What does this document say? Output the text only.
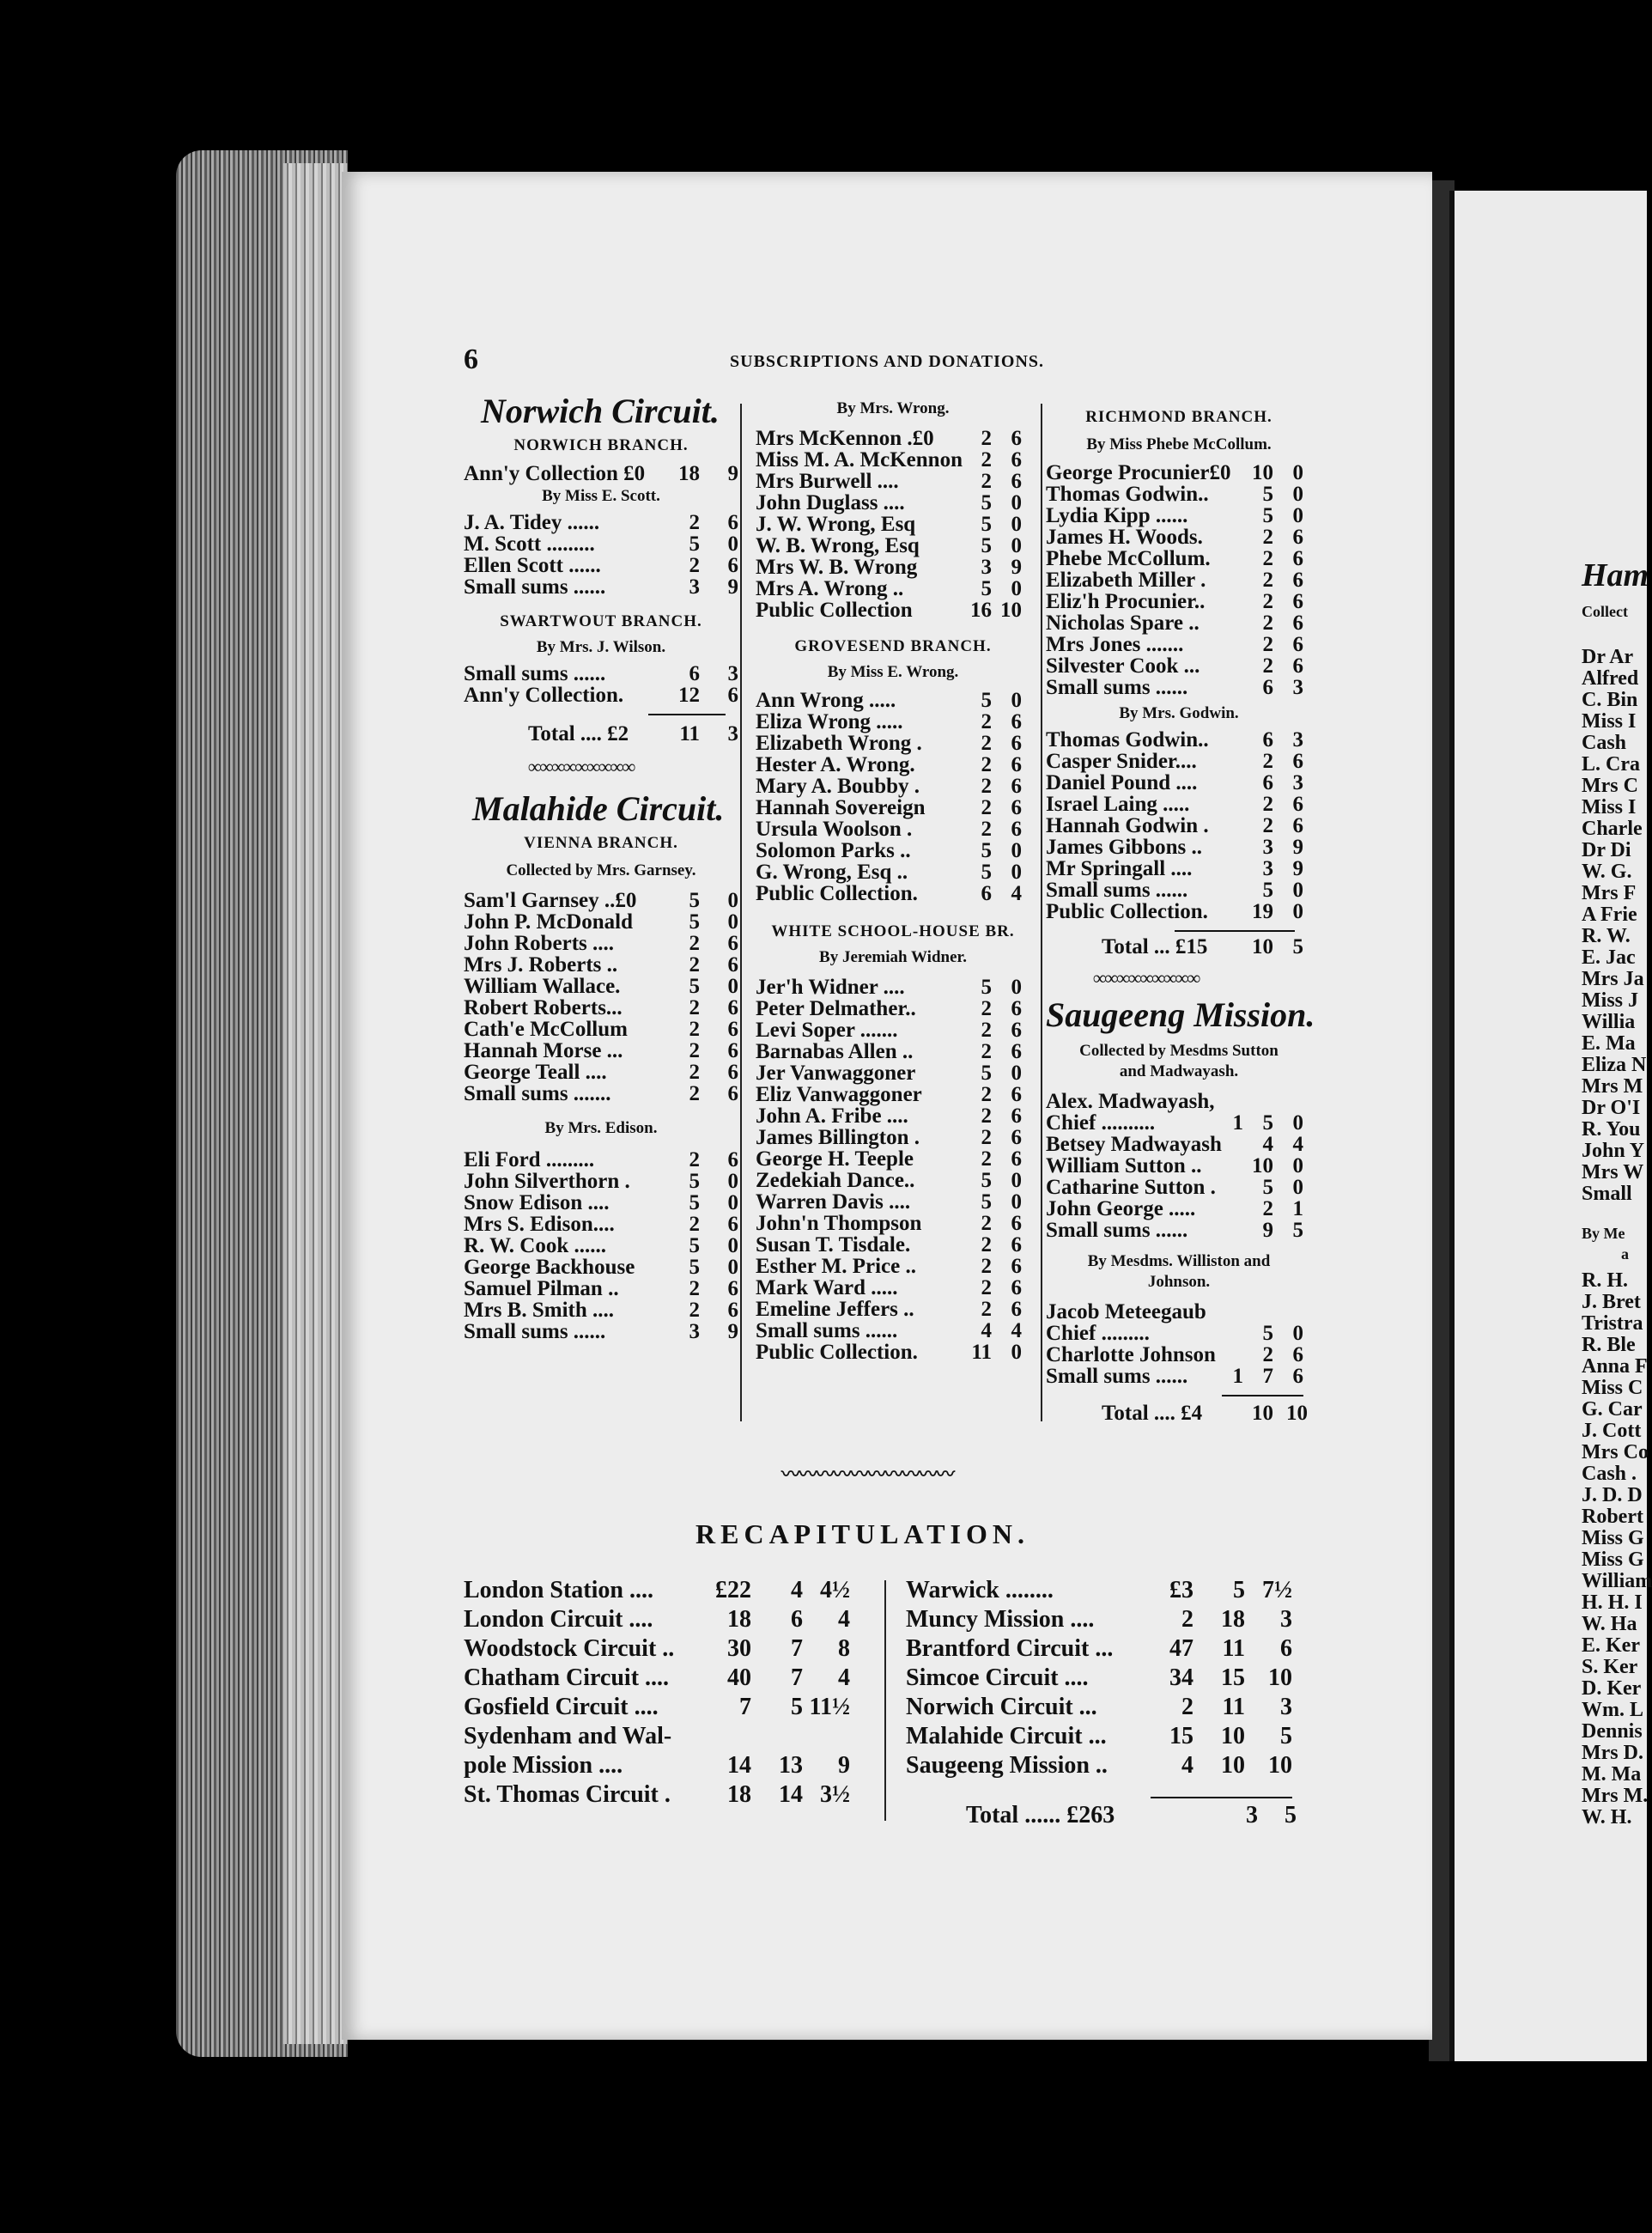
6	SUBSCRIPTIONS AND DONATIONS.
Norwich Circuit.
NORWICH BRANCH.
Ann'y Collection £0 18 9
By Miss E. Scott.
J. A. Tidey ......	2 6
M. Scott .........	5 0
Ellen Scott ......	2 6
Small sums ......	3 9
SWARTWOUT BRANCH.
By Mrs. J. Wilson.
Small sums ......	6 3
Ann'y Collection.	12 6
Total .... £2 11 3
∞∞∞∞∞∞∞∞∞
Malahide Circuit.
VIENNA BRANCH.
Collected by Mrs. Garnsey.
Sam'l Garnsey ..£0 5 0
John P. McDonald	5 0
John Roberts ....	2 6
Mrs J. Roberts ..	2 6
William Wallace.	5 0
Robert Roberts...	2 6
Cath'e McCollum	2 6
Hannah Morse ...	2 6
George Teall ....	2 6
Small sums .......	2 6
By Mrs. Edison.
Eli Ford .........	2 6
John Silverthorn .	5 0
Snow Edison ....	5 0
Mrs S. Edison....	2 6
R. W. Cook ......	5 0
George Backhouse	5 0
Samuel Pilman ..	2 6
Mrs B. Smith ....	2 6
Small sums ......	3 9
By Mrs. Wrong.
Mrs McKennon .£0 2 6
Miss M. A. McKennon 2 6
Mrs Burwell ....	2 6
John Duglass ....	5 0
J. W. Wrong, Esq	5 0
W. B. Wrong, Esq	5 0
Mrs W. B. Wrong	3 9
Mrs A. Wrong ..	5 0
Public Collection	16 10
GROVESEND BRANCH.
By Miss E. Wrong.
Ann Wrong .....	5 0
Eliza Wrong .....	2 6
Elizabeth Wrong .	2 6
Hester A. Wrong.	2 6
Mary A. Boubby .	2 6
Hannah Sovereign	2 6
Ursula Woolson .	2 6
Solomon Parks ..	5 0
G. Wrong, Esq ..	5 0
Public Collection.	6 4
WHITE SCHOOL-HOUSE BR.
By Jeremiah Widner.
Jer'h Widner ....	5 0
Peter Delmather..	2 6
Levi Soper .......	2 6
Barnabas Allen ..	2 6
Jer Vanwaggoner	5 0
Eliz Vanwaggoner	2 6
John A. Fribe ....	2 6
James Billington .	2 6
George H. Teeple	2 6
Zedekiah Dance..	5 0
Warren Davis ....	5 0
John'n Thompson	2 6
Susan T. Tisdale.	2 6
Esther M. Price ..	2 6
Mark Ward .....	2 6
Emeline Jeffers ..	2 6
Small sums ......	4 4
Public Collection. 11 0
RICHMOND BRANCH.
By Miss Phebe McCollum.
George Procunier£0 10 0
Thomas Godwin..	5 0
Lydia Kipp ......	5 0
James H. Woods.	2 6
Phebe McCollum. 2 6
Elizabeth Miller .	2 6
Eliz'h Procunier..	2 6
Nicholas Spare ..	2 6
Mrs Jones .......	2 6
Silvester Cook ...	2 6
Small sums ......	6 3
By Mrs. Godwin.
Thomas Godwin..	6 3
Casper Snider....	2 6
Daniel Pound ....	6 3
Israel Laing .....	2 6
Hannah Godwin .	2 6
James Gibbons ..	3 9
Mr Springall ....	3 9
Small sums ......	5 0
Public Collection. 19 0
Total ... £15 10 5
∞∞∞∞∞∞∞∞∞
Saugeeng Mission.
Collected by Mesdms Sutton
and Madwayash.
Alex. Madwayash,
Chief ..........	1 5 0
Betsey Madwayash 4 4
William Sutton .. 10 0
Catharine Sutton . 5 0
John George .....	2 1
Small sums ......	9 5
By Mesdms. Williston and
Johnson.
Jacob Meteegaub
Chief .........	5 0
Charlotte Johnson 2 6
Small sums ...... 1 7 6
Total .... £4 10 10
〰〰〰〰〰〰〰〰〰〰
RECAPITULATION.
London Station ....	£22 4 4½
London Circuit ....	18 6 4
Woodstock Circuit .. 30 7 8
Chatham Circuit .... 40 7 4
Gosfield Circuit ....	7 5 11½
Sydenham and Wal-
pole Mission ....	14 13 9
St. Thomas Circuit . 18 14 3½
Warwick ........	£3 5 7½
Muncy Mission ....	2 18 3
Brantford Circuit ... 47 11 6
Simcoe Circuit ....	34 15 10
Norwich Circuit ...	2 11 3
Malahide Circuit ...	15 10 5
Saugeeng Mission ..	4 10 10
Total ...... £263	3 5
Ham
Collect
Dr Ar
Alfred
C. Bin
Miss I
Cash
L. Cra
Mrs C
Miss I
Charle
Dr Di
W. G.
Mrs F
A Frie
R. W.
E. Jac
Mrs Ja
Miss J
Willia
E. Ma
Eliza N
Mrs M
Dr O'I
R. You
John Y
Mrs W
Small
By Me
a
R. H.
J. Bret
Tristra
R. Ble
Anna F
Miss C
G. Car
J. Cott
Mrs Co
Cash .
J. D. D
Robert
Miss G
Miss G
William
H. H. I
W. Ha
E. Ker
S. Ker
D. Ker
Wm. L
Dennis
Mrs D.
M. Ma
Mrs M.
W. H.
